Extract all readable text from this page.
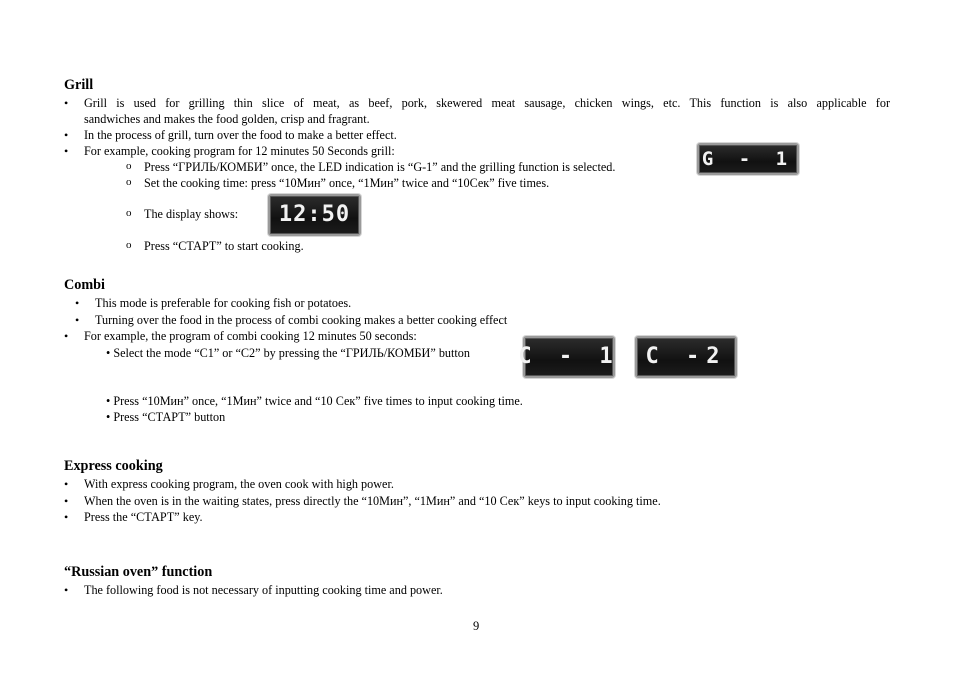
Grill
• Grill is used for grilling thin slice of meat, as beef, pork, skewered meat sausage, chicken wings, etc. This function is also applicable for
sandwiches and makes the food golden, crisp and fragrant.
• In the process of grill, turn over the food to make a better effect.
• For example, cooking program for 12 minutes 50 Seconds grill:
o Press “ГРИЛЬ/КОМБИ” once, the LED indication is “G-1” and the grilling function is selected.
o Set the cooking time: press “10Мин” once, “1Мин” twice and “10Сек” five times.
o The display shows:
o Press “СТАРТ” to start cooking.
G - 1
12:50
Combi
• This mode is preferable for cooking fish or potatoes.
• Turning over the food in the process of combi cooking makes a better cooking effect
• For example, the program of combi cooking 12 minutes 50 seconds:
• Select the mode “C1” or “C2” by pressing the “ГРИЛЬ/КОМБИ” button
• Press “10Мин” once, “1Мин” twice and “10 Сек” five times to input cooking time.
• Press “СТАРТ” button
C - 1 C -2
Express cooking
• With express cooking program, the oven cook with high power.
• When the oven is in the waiting states, press directly the “10Мин”, “1Мин” and “10 Сек” keys to input cooking time.
• Press the “СТАРТ” key.
“Russian oven” function
• The following food is not necessary of inputting cooking time and power.
9
